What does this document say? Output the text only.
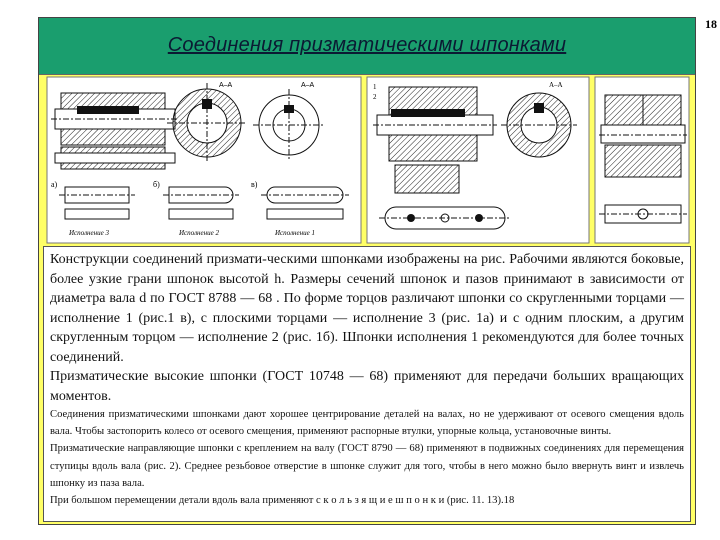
18
Соединения призматическими шпонками
А–А	А–А
а)
Исполнение 3
б)
Исполнение 2
в)
Исполнение 1
1
2
А–А

Конструкции соединений призмати-ческими шпонками изображены на рис. Рабочими являются боковые, более узкие грани шпонок высотой h. Размеры сечений шпонок и пазов принимают в зависимости от диаметра вала d по ГОСТ 8788 — 68 . По форме торцов различают шпонки со скругленными торцами — исполнение 1 (рис.1 в), с плоскими торцами — исполнение 3 (рис. 1а) и с одним плоским, а другим скругленным торцом — исполнение 2 (рис. 1б). Шпонки исполнения 1 рекомендуются для более точных соединений.

Призматические высокие шпонки (ГОСТ 10748 — 68) применяют для передачи больших вращающих моментов.

Соединения призматическими шпонками дают хорошее центрирование деталей на валах, но не удерживают от осевого смещения вдоль вала. Чтобы застопорить колесо от осевого смещения, применяют распорные втулки, упорные кольца, установочные винты.

Призматические направляющие шпонки с креплением на валу (ГОСТ 8790 — 68) применяют в подвижных соединениях для перемещения ступицы вдоль вала (рис. 2). Среднее резьбовое отверстие в шпонке служит для того, чтобы в него можно было ввернуть винт и извлечь шпонку из паза вала.

При большом перемещении детали вдоль вала применяют с к о л ь з я щ и е ш п о н к и (рис. 11. 13).18
